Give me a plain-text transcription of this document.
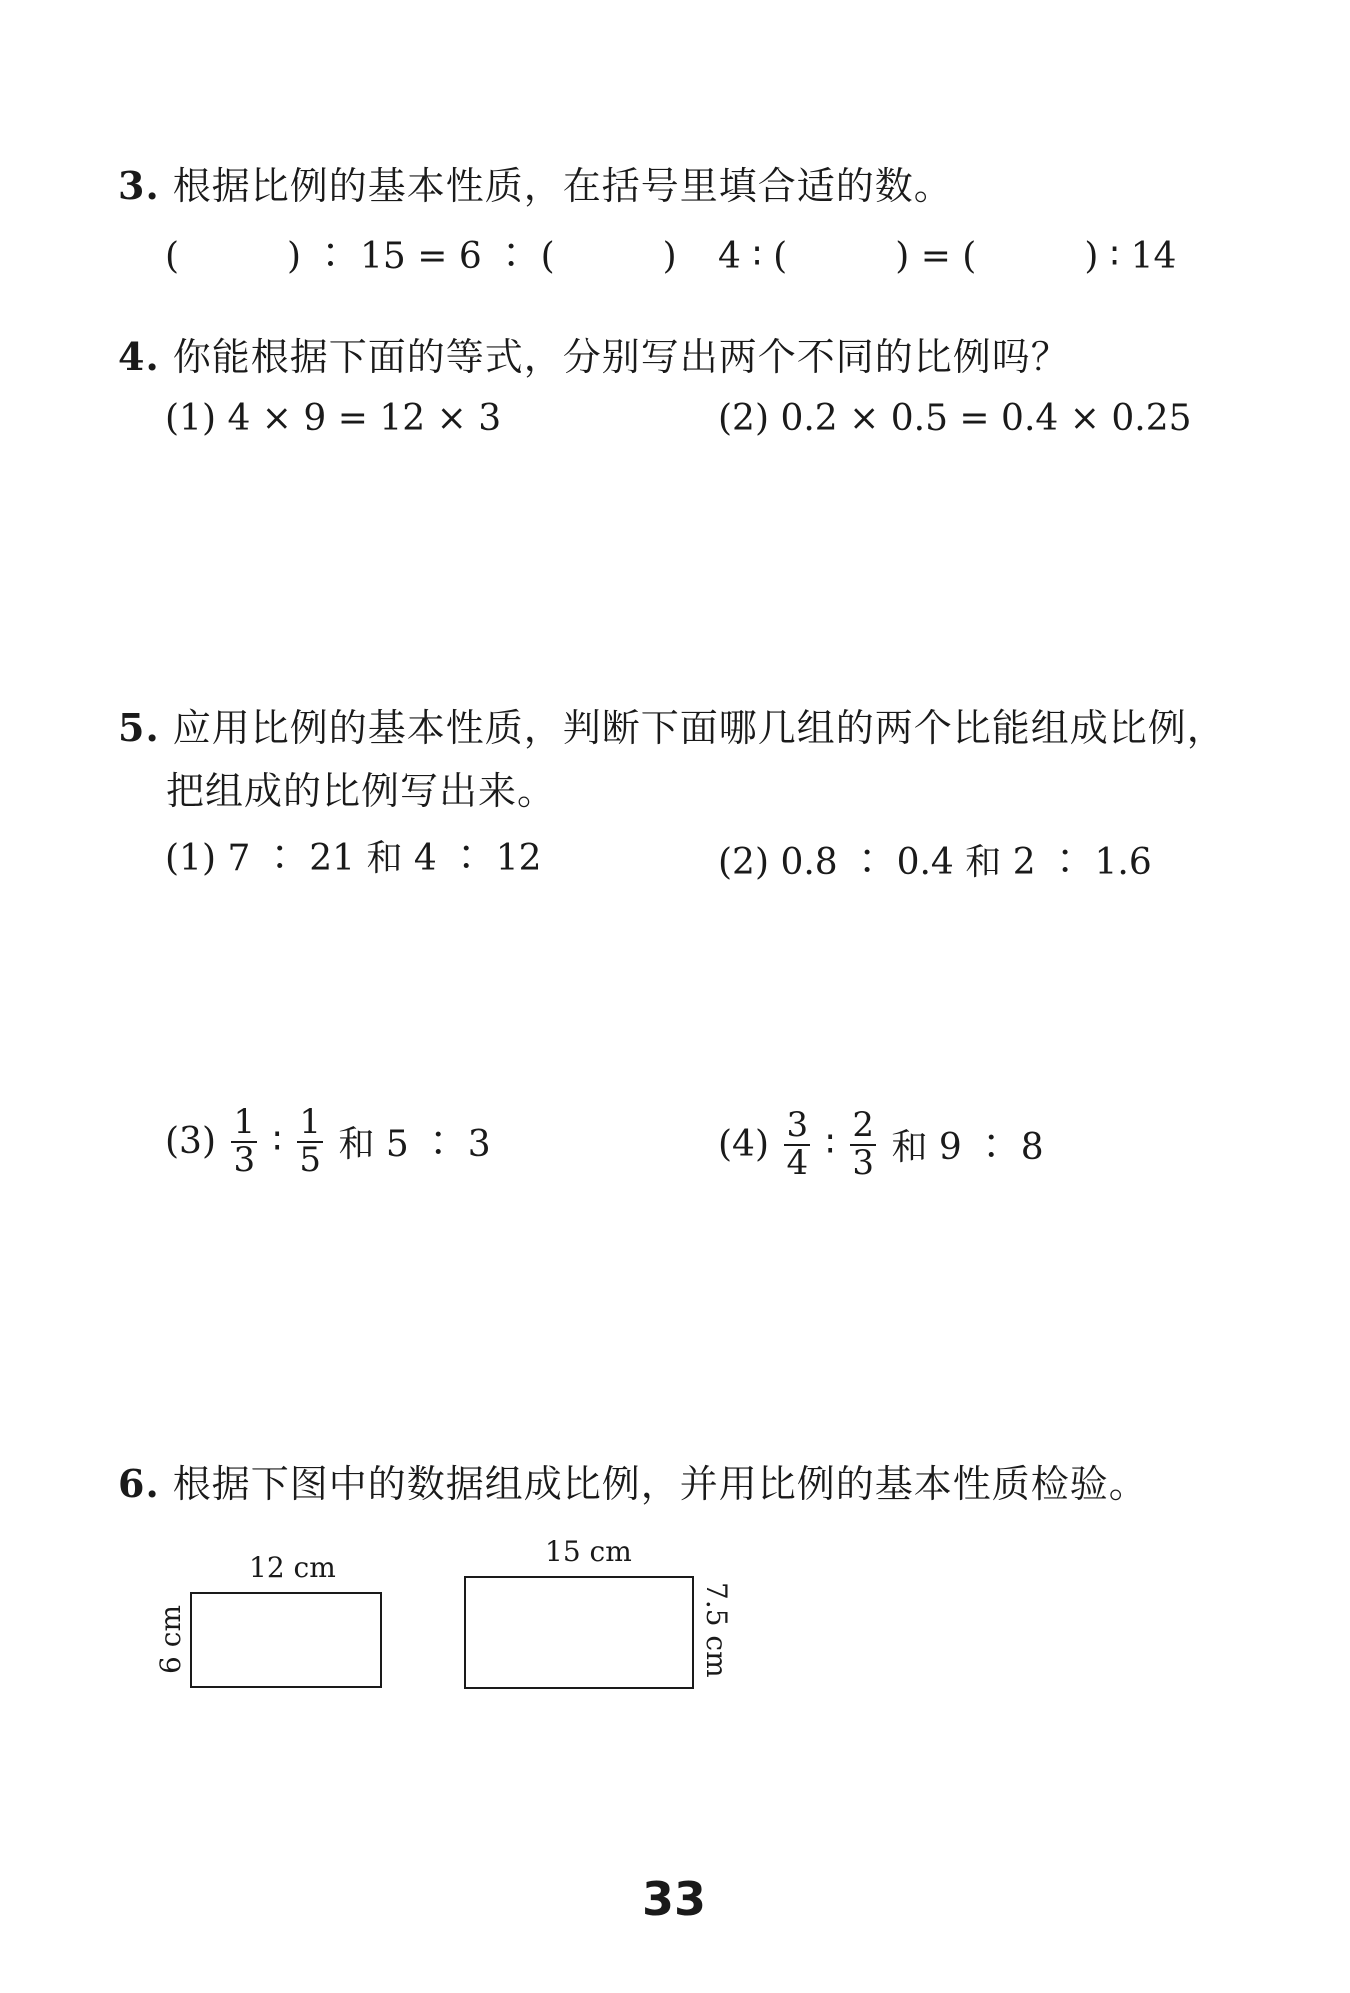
3. 根据比例的基本性质，在括号里填合适的数。
(　　　) ∶ 15 = 6 ∶ (　　　) 4 ∶ (　　　) = (　　　) ∶ 14
4. 你能根据下面的等式，分别写出两个不同的比例吗？
(1) 4 × 9 = 12 × 3	(2) 0.2 × 0.5 = 0.4 × 0.25
5. 应用比例的基本性质，判断下面哪几组的两个比能组成比例，
把组成的比例写出来。
(1) 7 ∶ 21 和 4 ∶ 12	(2) 0.8 ∶ 0.4 和 2 ∶ 1.6
$(3) \frac{1}{3}$ ∶ $\frac{1}{5}$ 和 5 ∶ 3	$(4) \frac{3}{4}$ ∶ $\frac{2}{3}$ 和 9 ∶ 8
6. 根据下图中的数据组成比例，并用比例的基本性质检验。
12 cm
6 cm
15 cm
7.5 cm
33
